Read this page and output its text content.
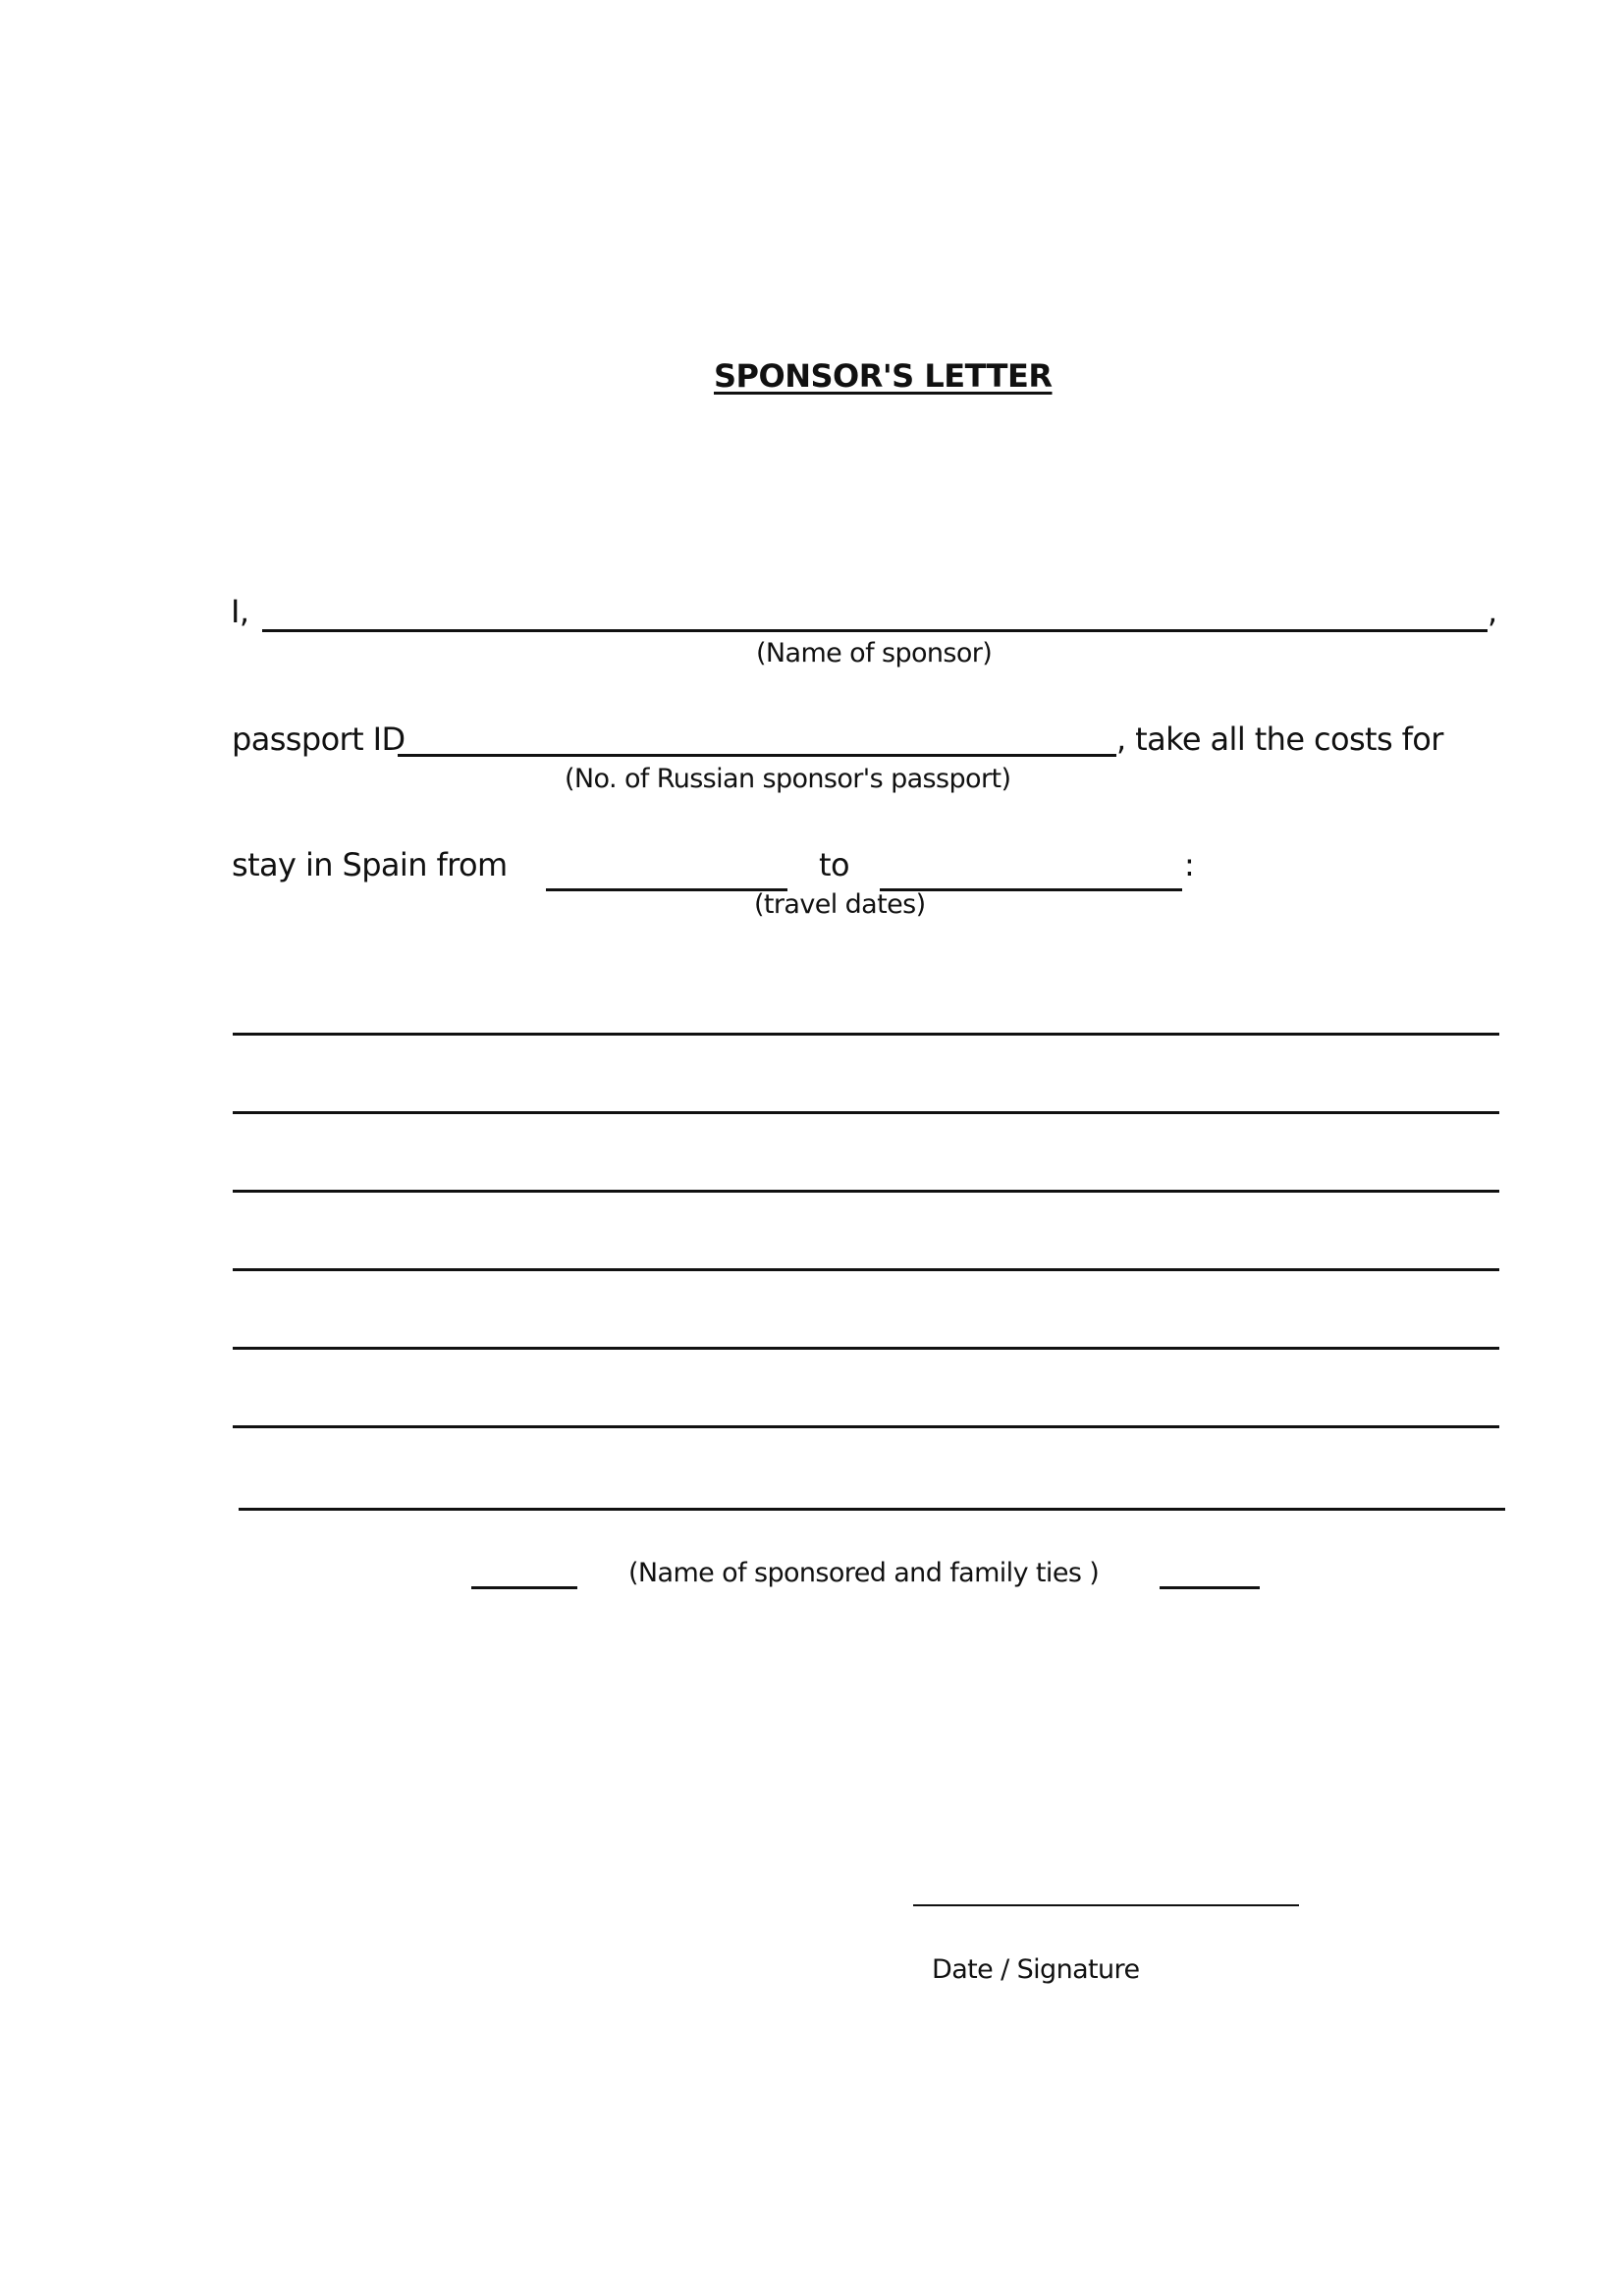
SPONSOR'S LETTER
I,	,
(Name of sponsor)
passport ID	, take all the costs for
(No. of Russian sponsor's passport)
stay in Spain from	to	:
(travel dates)
(Name of sponsored and family ties )
Date / Signature
